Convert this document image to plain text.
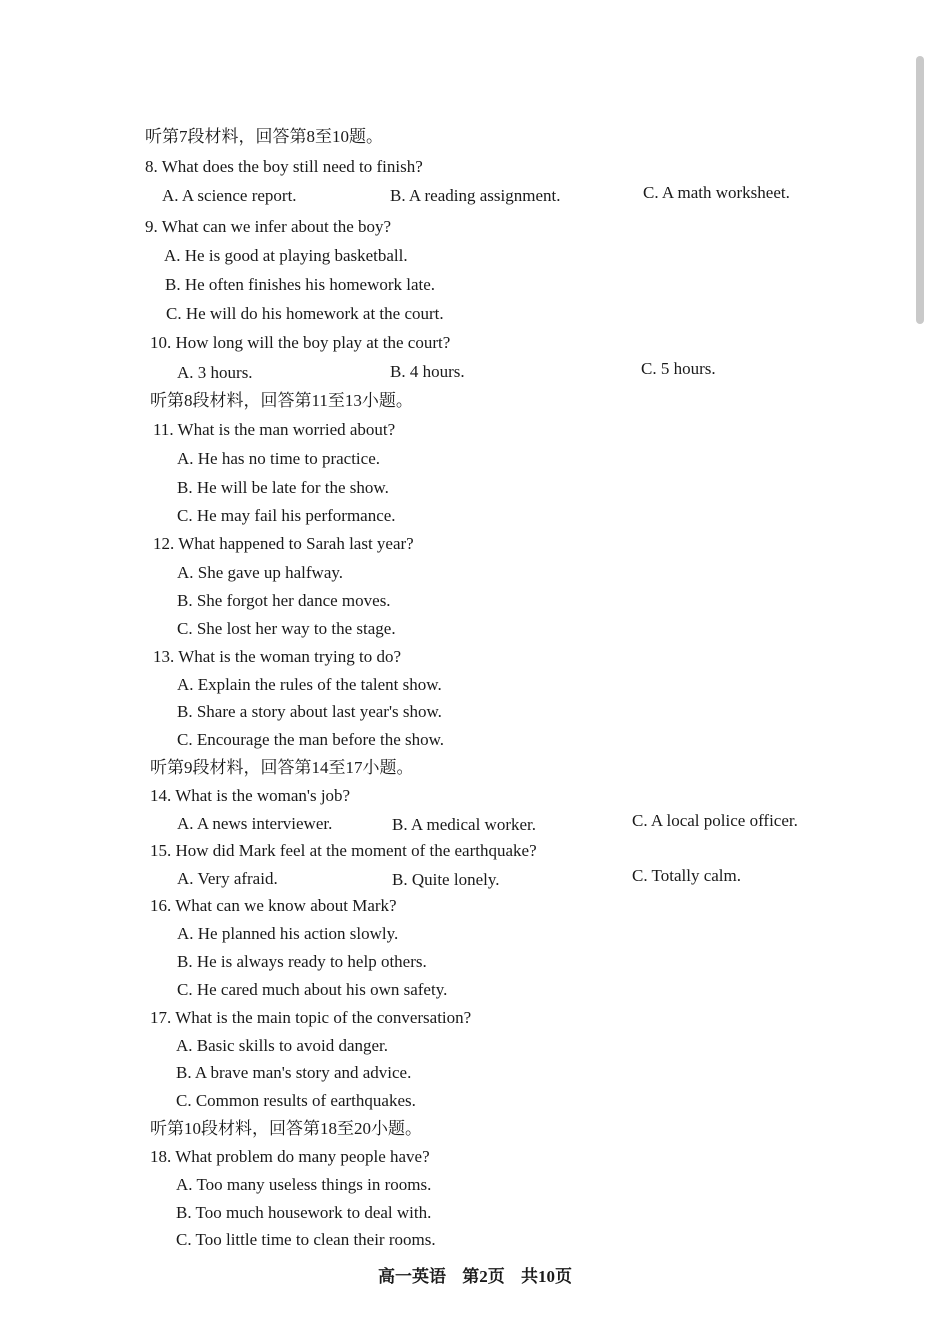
听第7段材料，回答第8至10题。
8. What does the boy still need to finish?
A. A science report.	B. A reading assignment.	C. A math worksheet.
9. What can we infer about the boy?
A. He is good at playing basketball.
B. He often finishes his homework late.
C. He will do his homework at the court.
10. How long will the boy play at the court?
A. 3 hours.	B. 4 hours.	C. 5 hours.
听第8段材料，回答第11至13小题。
11. What is the man worried about?
A. He has no time to practice.
B. He will be late for the show.
C. He may fail his performance.
12. What happened to Sarah last year?
A. She gave up halfway.
B. She forgot her dance moves.
C. She lost her way to the stage.
13. What is the woman trying to do?
A. Explain the rules of the talent show.
B. Share a story about last year's show.
C. Encourage the man before the show.
听第9段材料，回答第14至17小题。
14. What is the woman's job?
A. A news interviewer.	B. A medical worker.	C. A local police officer.
15. How did Mark feel at the moment of the earthquake?
A. Very afraid.	B. Quite lonely.	C. Totally calm.
16. What can we know about Mark?
A. He planned his action slowly.
B. He is always ready to help others.
C. He cared much about his own safety.
17. What is the main topic of the conversation?
A. Basic skills to avoid danger.
B. A brave man's story and advice.
C. Common results of earthquakes.
听第10段材料，回答第18至20小题。
18. What problem do many people have?
A. Too many useless things in rooms.
B. Too much housework to deal with.
C. Too little time to clean their rooms.
高一英语 第2页 共10页
